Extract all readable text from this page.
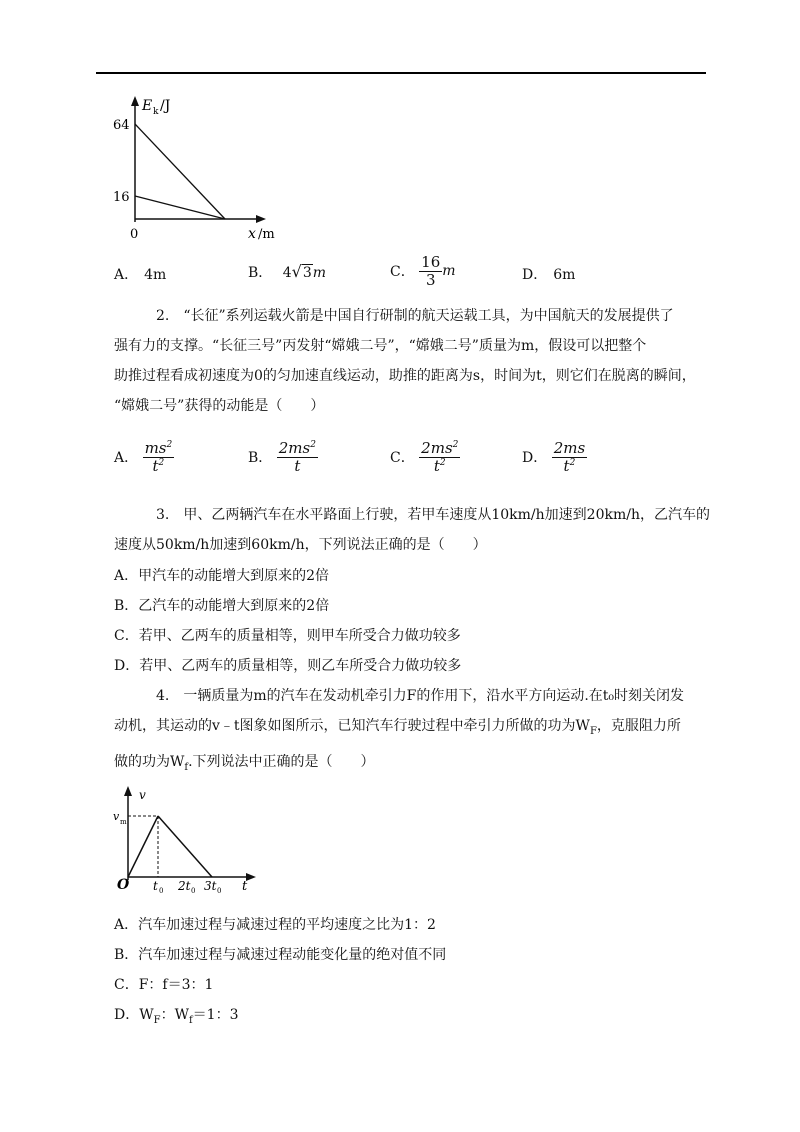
E k /J
64
16
0	x /m
A． 4m	B． 4√3m	C． $\frac{16}{3}$ m	D． 6m
2.  “长征”系列运载火箭是中国自行研制的航天运载工具，为中国航天的发展提供了
强有力的支撑。“长征三号”丙发射“嫦娥二号”，“嫦娥二号”质量为m，假设可以把整个
助推过程看成初速度为0的匀加速直线运动，助推的距离为s，时间为t，则它们在脱离的瞬间，
“嫦娥二号”获得的动能是（　　）
A． $\frac{ms^2}{t^2}$	B． $\frac{2ms^2}{t}$	C． $\frac{2ms^2}{t^2}$	D． $\frac{2ms}{t^2}$
3.  甲、乙两辆汽车在水平路面上行驶，若甲车速度从10km/h加速到20km/h，乙汽车的
速度从50km/h加速到60km/h，下列说法正确的是（　　）
A．甲汽车的动能增大到原来的2倍
B．乙汽车的动能增大到原来的2倍
C．若甲、乙两车的质量相等，则甲车所受合力做功较多
D．若甲、乙两车的质量相等，则乙车所受合力做功较多
4.  一辆质量为m的汽车在发动机牵引力F的作用下，沿水平方向运动.在t₀时刻关闭发
动机，其运动的v﹣t图象如图所示，已知汽车行驶过程中牵引力所做的功为$W_F$，克服阻力所
做的功为$W_f$.下列说法中正确的是（　　）
v
v m
O t 0 2t 0 3t 0 t
A．汽车加速过程与减速过程的平均速度之比为1：2
B．汽车加速过程与减速过程动能变化量的绝对值不同
C．F：f＝3：1
D．$W_F$：$W_f=1$：3
